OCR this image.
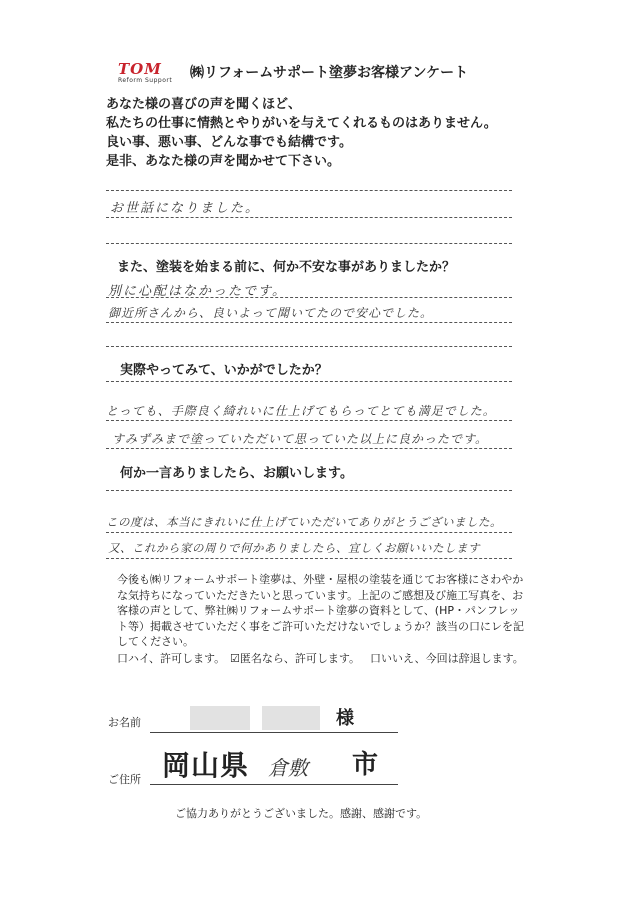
TOM
Reform Support	㈱リフォームサポート塗夢お客様アンケート
あなた様の喜びの声を聞くほど、
私たちの仕事に情熱とやりがいを与えてくれるものはありません。
良い事、悪い事、どんな事でも結構です。
是非、あなた様の声を聞かせて下さい。
お世話になりました。
また、塗装を始まる前に、何か不安な事がありましたか？
別に心配はなかったです。
御近所さんから、良いよって聞いてたので安心でした。
実際やってみて、いかがでしたか？
とっても、手際良く綺れいに仕上げてもらってとても満足でした。
すみずみまで塗っていただいて思っていた以上に良かったです。
何か一言ありましたら、お願いします。
この度は、本当にきれいに仕上げていただいてありがとうございました。
又、これから家の周りで何かありましたら、宜しくお願いいたします
今後も㈱リフォームサポート塗夢は、外壁・屋根の塗装を通じてお客様にさわやかな気持ちになっていただきたいと思っています。上記のご感想及び施工写真を、お客様の声として、弊社㈱リフォームサポート塗夢の資料として、(HP・パンフレット等）掲載させていただく事をご許可いただけないでしょうか？該当の口にレを記してください。
口ハイ、許可します。 ☑匿名なら、許可します。 口いいえ、今回は辞退します。
お名前	様
ご住所 岡山県 倉敷 市
ご協力ありがとうございました。感謝、感謝です。
